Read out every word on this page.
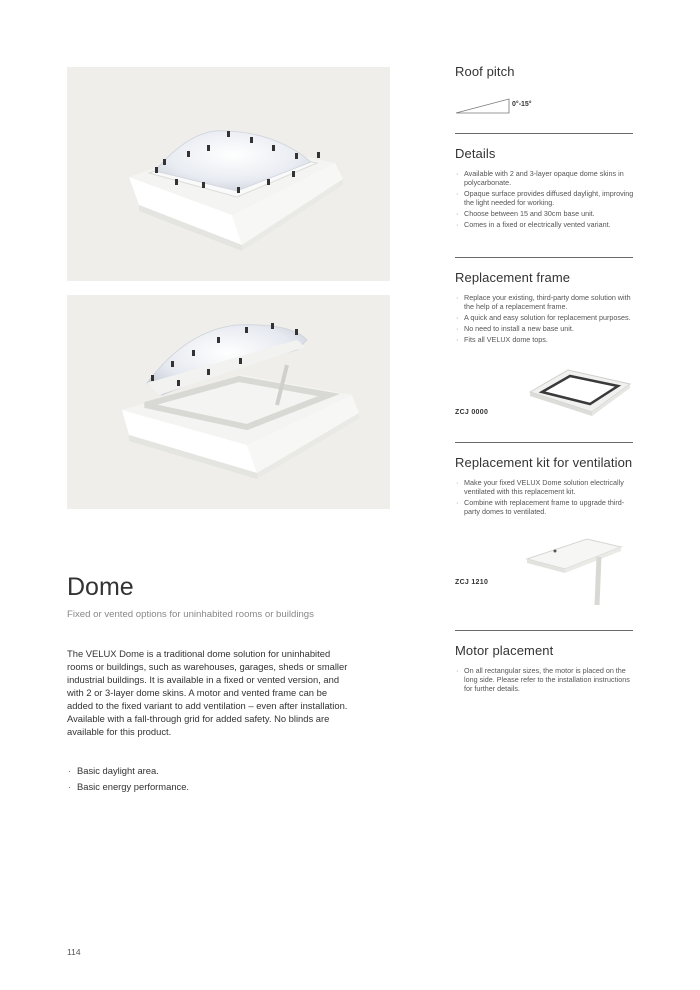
Roof pitch
0°-15°
Details
· Available with 2 and 3-layer opaque dome skins in polycarbonate.
· Opaque surface provides diffused daylight, improving the light needed for working.
· Choose between 15 and 30cm base unit.
· Comes in a fixed or electrically vented variant.
Replacement frame
· Replace your existing, third-party dome solution with the help of a replacement frame.
· A quick and easy solution for replacement purposes.
· No need to install a new base unit.
· Fits all VELUX dome tops.
ZCJ 0000
Replacement kit for ventilation
· Make your fixed VELUX Dome solution electrically ventilated with this replacement kit.
· Combine with replacement frame to upgrade third-party domes to ventilated.
ZCJ 1210
Motor placement
· On all rectangular sizes, the motor is placed on the long side. Please refer to the installation instructions for further details.
Dome
Fixed or vented options for uninhabited rooms or buildings
The VELUX Dome is a traditional dome solution for uninhabited rooms or buildings, such as warehouses, garages, sheds or smaller industrial buildings. It is available in a fixed or vented version, and with 2 or 3-layer dome skins. A motor and vented frame can be added to the fixed variant to add ventilation – even after installation. Available with a fall-through grid for added safety. No blinds are available for this product.
· Basic daylight area.
· Basic energy performance.
114
